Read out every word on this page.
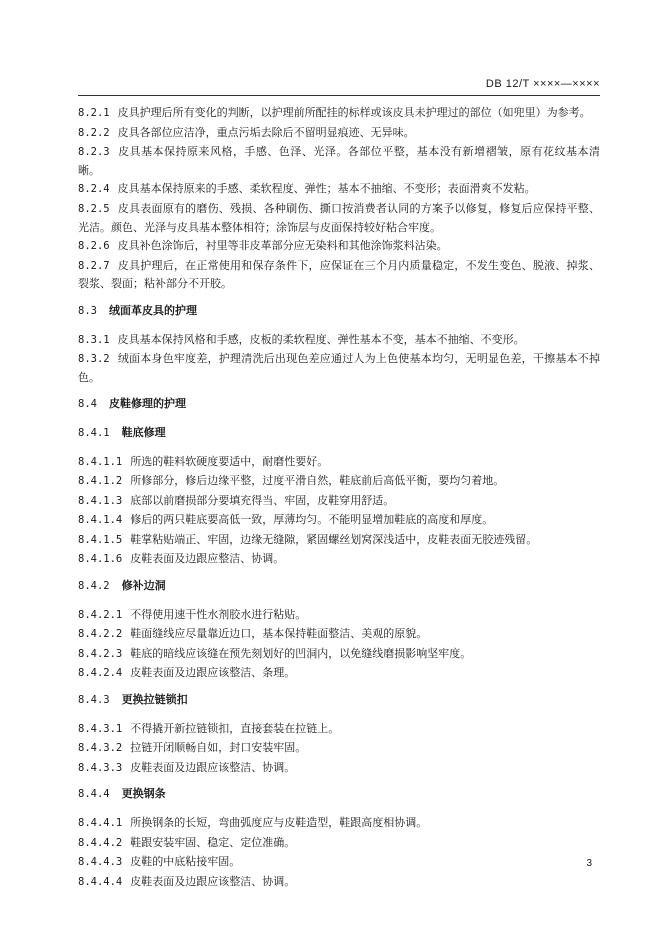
DB 12/T ××××—××××
8.2.1 皮具护理后所有变化的判断，以护理前所配挂的标样或该皮具未护理过的部位（如兜里）为参考。
8.2.2 皮具各部位应洁净，重点污垢去除后不留明显痕迹、无异味。
8.2.3 皮具基本保持原来风格，手感、色泽、光泽。各部位平整，基本没有新增褶皱，原有花纹基本清晰。
8.2.4 皮具基本保持原来的手感、柔软程度、弹性；基本不抽缩、不变形；表面滑爽不发粘。
8.2.5 皮具表面原有的磨伤、残损、各种刷伤、撕口按消费者认同的方案予以修复，修复后应保持平整、光洁。颜色、光泽与皮具基本整体相符；涂饰层与皮面保持较好粘合牢度。
8.2.6 皮具补色涂饰后，衬里等非皮革部分应无染料和其他涂饰浆料沾染。
8.2.7 皮具护理后，在正常使用和保存条件下，应保证在三个月内质量稳定，不发生变色、脱液、掉浆、裂浆、裂面；粘补部分不开胶。
8.3 绒面革皮具的护理
8.3.1 皮具基本保持风格和手感，皮板的柔软程度、弹性基本不变，基本不抽缩、不变形。
8.3.2 绒面本身色牢度差，护理清洗后出现色差应通过人为上色使基本均匀，无明显色差，干擦基本不掉色。
8.4 皮鞋修理的护理
8.4.1 鞋底修理
8.4.1.1 所选的鞋料软硬度要适中，耐磨性要好。
8.4.1.2 所修部分，修后边缘平整，过度平滑自然，鞋底前后高低平衡，要均匀着地。
8.4.1.3 底部以前磨损部分要填充得当、牢固，皮鞋穿用舒适。
8.4.1.4 修后的两只鞋底要高低一致，厚薄均匀。不能明显增加鞋底的高度和厚度。
8.4.1.5 鞋掌粘贴端正、牢固，边缘无缝隙，紧固螺丝划窝深浅适中，皮鞋表面无胶迹残留。
8.4.1.6 皮鞋表面及边跟应整洁、协调。
8.4.2 修补边洞
8.4.2.1 不得使用速干性水剂胶水进行粘贴。
8.4.2.2 鞋面缝线应尽量靠近边口，基本保持鞋面整洁、美观的原貌。
8.4.2.3 鞋底的暗线应该缝在预先刻划好的凹洞内，以免缝线磨损影响坚牢度。
8.4.2.4 皮鞋表面及边跟应该整洁、条理。
8.4.3 更换拉链锁扣
8.4.3.1 不得撬开新拉链锁扣，直接套装在拉链上。
8.4.3.2 拉链开闭顺畅自如，封口安装牢固。
8.4.3.3 皮鞋表面及边跟应该整洁、协调。
8.4.4 更换钢条
8.4.4.1 所换钢条的长短，弯曲弧度应与皮鞋造型，鞋跟高度相协调。
8.4.4.2 鞋跟安装牢固、稳定、定位准确。
8.4.4.3 皮鞋的中底粘接牢固。
8.4.4.4 皮鞋表面及边跟应该整洁、协调。
3
